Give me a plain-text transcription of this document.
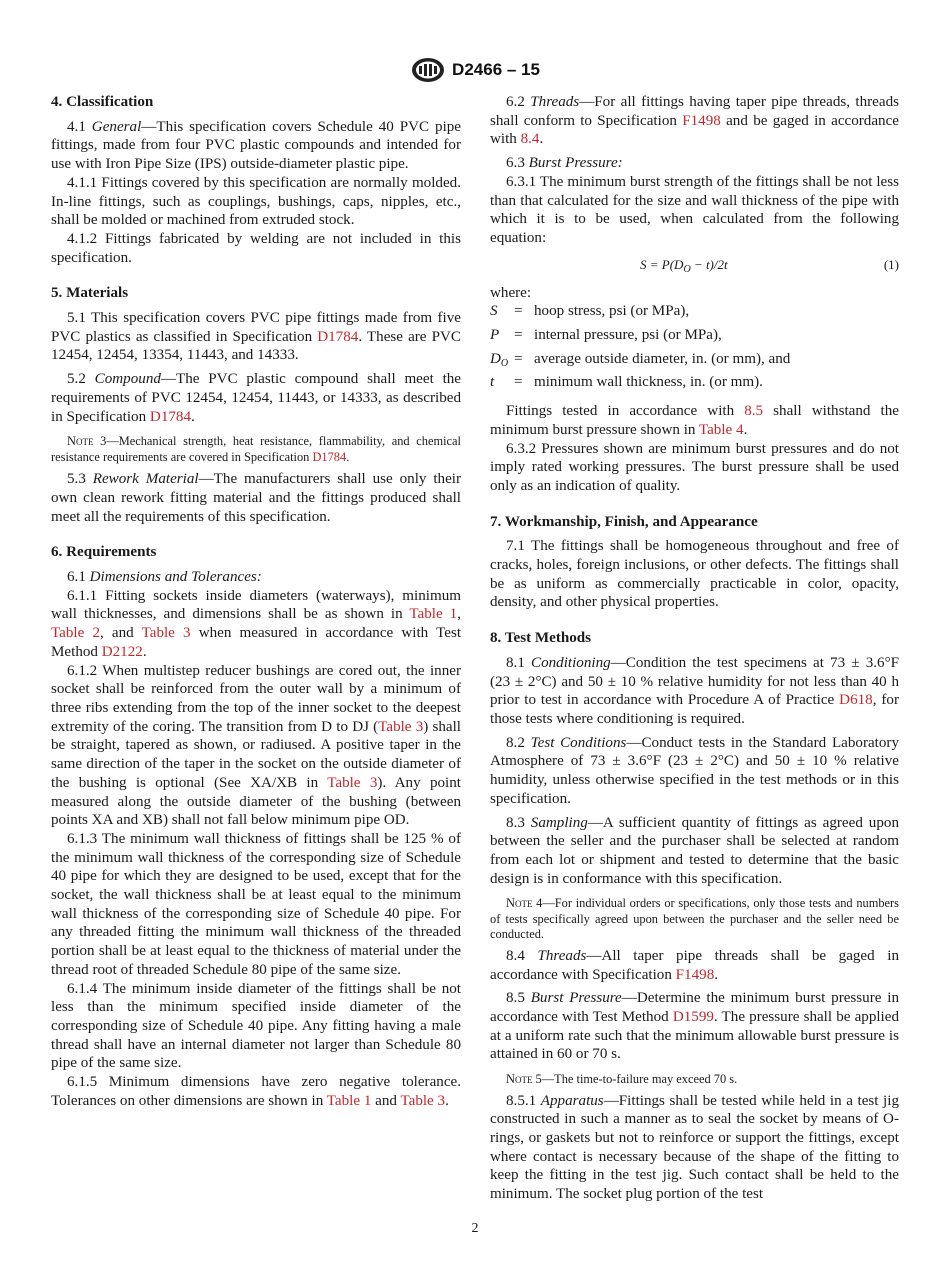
D2466 – 15
4. Classification

4.1 General—This specification covers Schedule 40 PVC pipe fittings, made from four PVC plastic compounds and intended for use with Iron Pipe Size (IPS) outside-diameter plastic pipe.

4.1.1 Fittings covered by this specification are normally molded. In-line fittings, such as couplings, bushings, caps, nipples, etc., shall be molded or machined from extruded stock.

4.1.2 Fittings fabricated by welding are not included in this specification.

5. Materials

5.1 This specification covers PVC pipe fittings made from five PVC plastics as classified in Specification D1784. These are PVC 12454, 12454, 13354, 11443, and 14333.

5.2 Compound—The PVC plastic compound shall meet the requirements of PVC 12454, 12454, 11443, or 14333, as described in Specification D1784.

Note 3—Mechanical strength, heat resistance, flammability, and chemical resistance requirements are covered in Specification D1784.

5.3 Rework Material—The manufacturers shall use only their own clean rework fitting material and the fittings produced shall meet all the requirements of this specification.

6. Requirements

6.1 Dimensions and Tolerances:

6.1.1 Fitting sockets inside diameters (waterways), minimum wall thicknesses, and dimensions shall be as shown in Table 1, Table 2, and Table 3 when measured in accordance with Test Method D2122.

6.1.2 When multistep reducer bushings are cored out, the inner socket shall be reinforced from the outer wall by a minimum of three ribs extending from the top of the inner socket to the deepest extremity of the coring. The transition from D to DJ (Table 3) shall be straight, tapered as shown, or radiused. A positive taper in the same direction of the taper in the socket on the outside diameter of the bushing is optional (See XA/XB in Table 3). Any point measured along the outside diameter of the bushing (between points XA and XB) shall not fall below minimum pipe OD.

6.1.3 The minimum wall thickness of fittings shall be 125 % of the minimum wall thickness of the corresponding size of Schedule 40 pipe for which they are designed to be used, except that for the socket, the wall thickness shall be at least equal to the minimum wall thickness of the corresponding size of Schedule 40 pipe. For any threaded fitting the minimum wall thickness of the threaded portion shall be at least equal to the thickness of material under the thread root of threaded Schedule 80 pipe of the same size.

6.1.4 The minimum inside diameter of the fittings shall be not less than the minimum specified inside diameter of the corresponding size of Schedule 40 pipe. Any fitting having a male thread shall have an internal diameter not larger than Schedule 80 pipe of the same size.

6.1.5 Minimum dimensions have zero negative tolerance. Tolerances on other dimensions are shown in Table 1 and Table 3.

6.2 Threads—For all fittings having taper pipe threads, threads shall conform to Specification F1498 and be gaged in accordance with 8.4.

6.3 Burst Pressure:

6.3.1 The minimum burst strength of the fittings shall be not less than that calculated for the size and wall thickness of the pipe with which it is to be used, when calculated from the following equation:

$S = P(D_O - t)/2t$	(1)

where:

S	= hoop stress, psi (or MPa),
P = internal pressure, psi (or MPa),
DO = average outside diameter, in. (or mm), and
t	= minimum wall thickness, in. (or mm).

Fittings tested in accordance with 8.5 shall withstand the minimum burst pressure shown in Table 4.

6.3.2 Pressures shown are minimum burst pressures and do not imply rated working pressures. The burst pressure shall be used only as an indication of quality.

7. Workmanship, Finish, and Appearance

7.1 The fittings shall be homogeneous throughout and free of cracks, holes, foreign inclusions, or other defects. The fittings shall be as uniform as commercially practicable in color, opacity, density, and other physical properties.

8. Test Methods

8.1 Conditioning—Condition the test specimens at 73 ± 3.6°F (23 ± 2°C) and 50 ± 10 % relative humidity for not less than 40 h prior to test in accordance with Procedure A of Practice D618, for those tests where conditioning is required.

8.2 Test Conditions—Conduct tests in the Standard Laboratory Atmosphere of 73 ± 3.6°F (23 ± 2°C) and 50 ± 10 % relative humidity, unless otherwise specified in the test methods or in this specification.

8.3 Sampling—A sufficient quantity of fittings as agreed upon between the seller and the purchaser shall be selected at random from each lot or shipment and tested to determine that the basic design is in conformance with this specification.

Note 4—For individual orders or specifications, only those tests and numbers of tests specifically agreed upon between the purchaser and the seller need be conducted.

8.4 Threads—All taper pipe threads shall be gaged in accordance with Specification F1498.

8.5 Burst Pressure—Determine the minimum burst pressure in accordance with Test Method D1599. The pressure shall be applied at a uniform rate such that the minimum allowable burst pressure is attained in 60 or 70 s.

Note 5—The time-to-failure may exceed 70 s.

8.5.1 Apparatus—Fittings shall be tested while held in a test jig constructed in such a manner as to seal the socket by means of O-rings, or gaskets but not to reinforce or support the fittings, except where contact is necessary because of the shape of the fitting to keep the fitting in the test jig. Such contact shall be held to the minimum. The socket plug portion of the test

2
